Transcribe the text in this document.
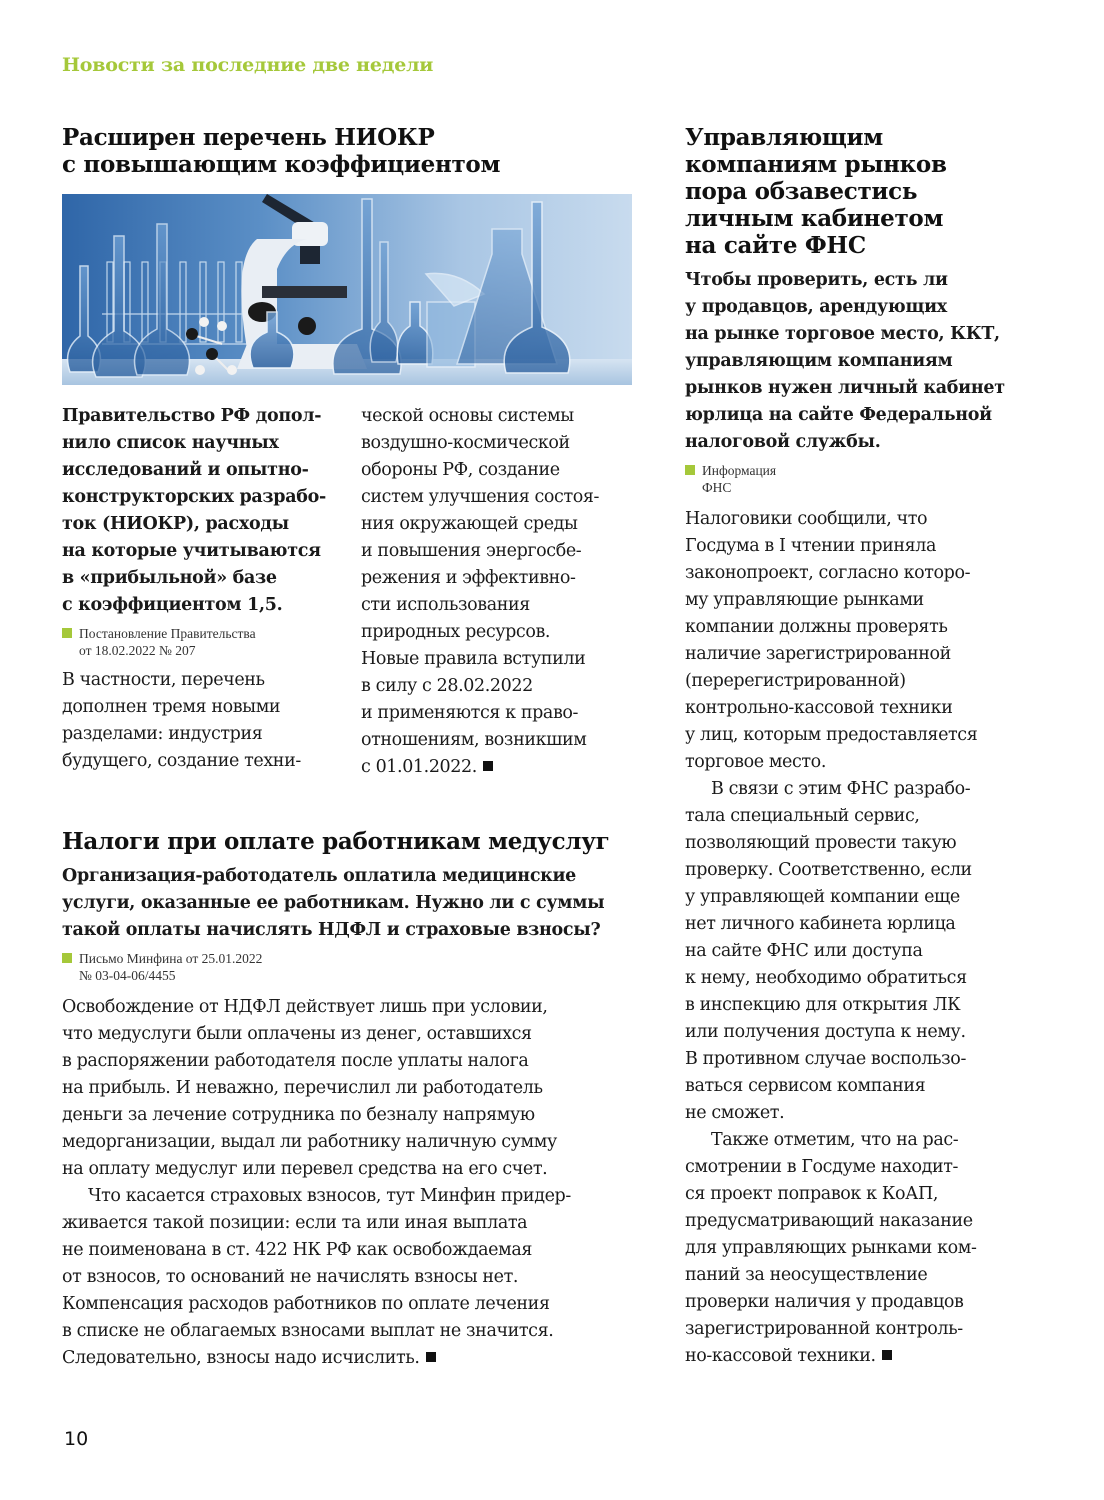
Новости за последние две недели
Расширен перечень НИОКР
с повышающим коэффициентом

Правительство РФ допол-
нило список научных
исследований и опытно-
конструкторских разрабо-
ток (НИОКР), расходы
на которые учитываются
в «прибыльной» базе
с коэффициентом 1,5.

Постановление Правительства
от 18.02.2022 № 207

В частности, перечень
дополнен тремя новыми
разделами: индустрия
будущего, создание техни-

ческой основы системы
воздушно-космической
обороны РФ, создание
систем улучшения состоя-
ния окружающей среды
и повышения энергосбе-
режения и эффективно-
сти использования
природных ресурсов.
Новые правила вступили
в силу с 28.02.2022
и применяются к право-
отношениям, возникшим
с 01.01.2022.

Налоги при оплате работникам медуслуг

Организация-работодатель оплатила медицинские
услуги, оказанные ее работникам. Нужно ли с суммы
такой оплаты начислять НДФЛ и страховые взносы?

Письмо Минфина от 25.01.2022
№ 03-04-06/4455

Освобождение от НДФЛ действует лишь при условии,
что медуслуги были оплачены из денег, оставшихся
в распоряжении работодателя после уплаты налога
на прибыль. И неважно, перечислил ли работодатель
деньги за лечение сотрудника по безналу напрямую
медорганизации, выдал ли работнику наличную сумму
на оплату медуслуг или перевел средства на его счет.

Что касается страховых взносов, тут Минфин придер-
живается такой позиции: если та или иная выплата
не поименована в ст. 422 НК РФ как освобождаемая
от взносов, то оснований не начислять взносы нет.
Компенсация расходов работников по оплате лечения
в списке не облагаемых взносами выплат не значится.
Следовательно, взносы надо исчислить.

Управляющим
компаниям рынков
пора обзавестись
личным кабинетом
на сайте ФНС

Чтобы проверить, есть ли
у продавцов, арендующих
на рынке торговое место, ККТ,
управляющим компаниям
рынков нужен личный кабинет
юрлица на сайте Федеральной
налоговой службы.

Информация
ФНС

Налоговики сообщили, что
Госдума в I чтении приняла
законопроект, согласно которо-
му управляющие рынками
компании должны проверять
наличие зарегистрированной
(перерегистрированной)
контрольно-кассовой техники
у лиц, которым предоставляется
торговое место.

В связи с этим ФНС разрабо-
тала специальный сервис,
позволяющий провести такую
проверку. Соответственно, если
у управляющей компании еще
нет личного кабинета юрлица
на сайте ФНС или доступа
к нему, необходимо обратиться
в инспекцию для открытия ЛК
или получения доступа к нему.
В противном случае воспользо-
ваться сервисом компания
не сможет.

Также отметим, что на рас-
смотрении в Госдуме находит-
ся проект поправок к КоАП,
предусматривающий наказание
для управляющих рынками ком-
паний за неосуществление
проверки наличия у продавцов
зарегистрированной контроль-
но-кассовой техники.

10
